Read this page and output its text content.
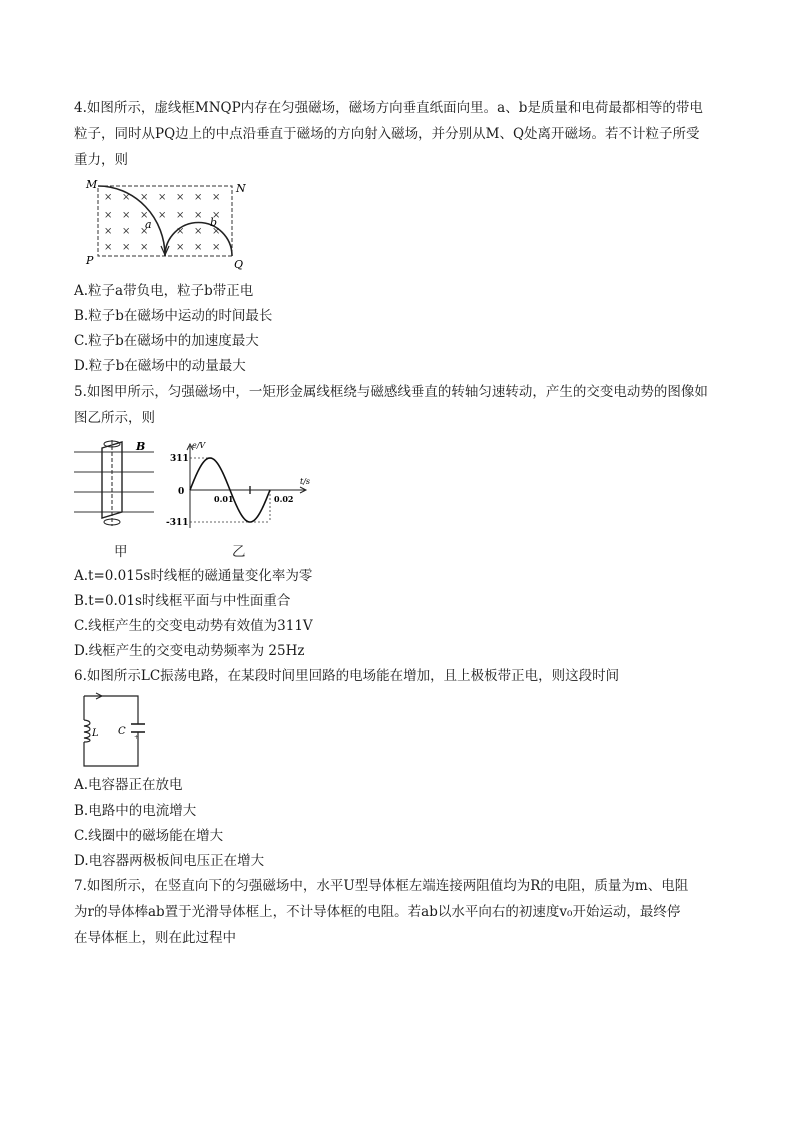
4.如图所示，虚线框MNQP内存在匀强磁场，磁场方向垂直纸面向里。a、b是质量和电荷最都相等的带电
粒子，同时从PQ边上的中点沿垂直于磁场的方向射入磁场，并分别从M、Q处离开磁场。若不计粒子所受
重力，则
× × × × × × ×
× × × × × × ×
× × ×	× × ×
× × ×	× × ×
M	N
P	Q
a	b
A.粒子a带负电，粒子b带正电
B.粒子b在磁场中运动的时间最长
C.粒子b在磁场中的加速度最大
D.粒子b在磁场中的动量最大
5.如图甲所示，匀强磁场中，一矩形金属线框绕与磁感线垂直的转轴匀速转动，产生的交变电动势的图像如
图乙所示，则
B	e/V
311
0
-311
0.01	0.02
t/s
甲	乙
A.t=0.015s时线框的磁通量变化率为零
B.t=0.01s时线框平面与中性面重合
C.线框产生的交变电动势有效值为311V
D.线框产生的交变电动势频率为 25Hz
6.如图所示LC振荡电路，在某段时间里回路的电场能在增加，且上极板带正电，则这段时间
+
L C
A.电容器正在放电
B.电路中的电流增大
C.线圈中的磁场能在增大
D.电容器两极板间电压正在增大
7.如图所示，在竖直向下的匀强磁场中，水平U型导体框左端连接两阻值均为R的电阻，质量为m、电阻
为r的导体棒ab置于光滑导体框上，不计导体框的电阻。若ab以水平向右的初速度v₀开始运动，最终停
在导体框上，则在此过程中
